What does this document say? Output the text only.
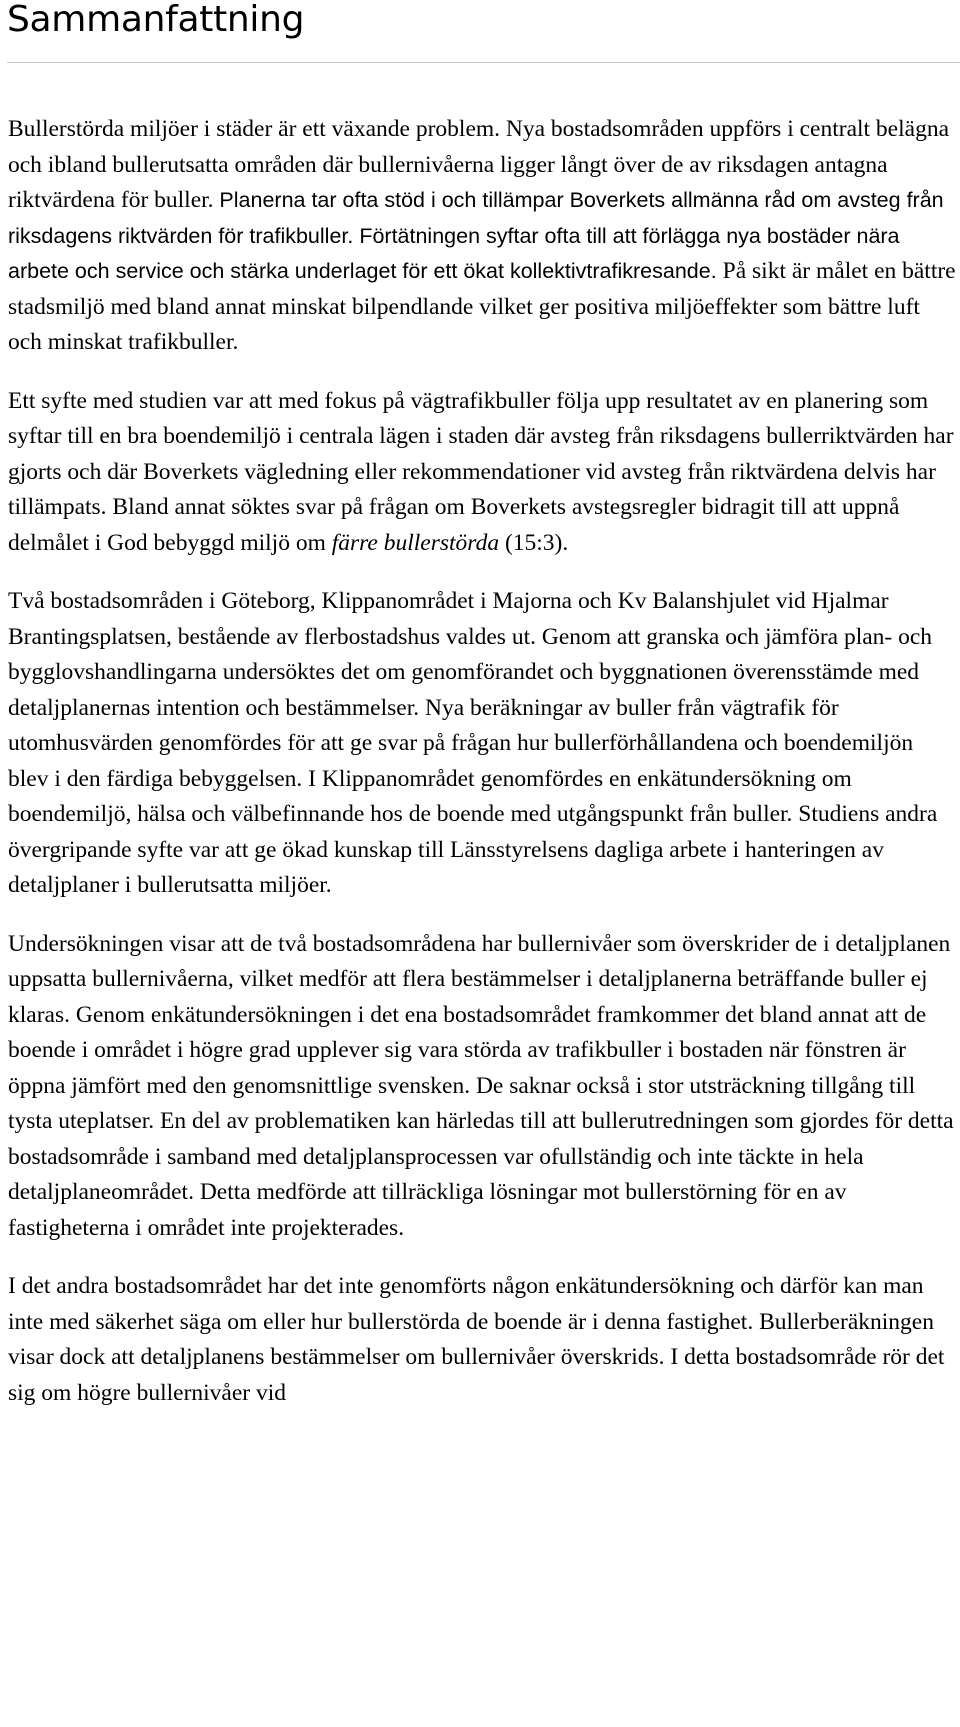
Sammanfattning

Bullerstörda miljöer i städer är ett växande problem. Nya bostadsområden uppförs i centralt belägna och ibland bullerutsatta områden där bullernivåerna ligger långt över de av riksdagen antagna riktvärdena för buller. Planerna tar ofta stöd i och tillämpar Boverkets allmänna råd om avsteg från riksdagens riktvärden för trafikbuller. Förtätningen syftar ofta till att förlägga nya bostäder nära arbete och service och stärka underlaget för ett ökat kollektivtrafikresande. På sikt är målet en bättre stadsmiljö med bland annat minskat bilpendlande vilket ger positiva miljöeffekter som bättre luft och minskat trafikbuller.

Ett syfte med studien var att med fokus på vägtrafikbuller följa upp resultatet av en planering som syftar till en bra boendemiljö i centrala lägen i staden där avsteg från riksdagens bullerriktvärden har gjorts och där Boverkets vägledning eller rekommendationer vid avsteg från riktvärdena delvis har tillämpats. Bland annat söktes svar på frågan om Boverkets avstegsregler bidragit till att uppnå delmålet i God bebyggd miljö om färre bullerstörda (15:3).

Två bostadsområden i Göteborg, Klippanområdet i Majorna och Kv Balanshjulet vid Hjalmar Brantingsplatsen, bestående av flerbostadshus valdes ut. Genom att granska och jämföra plan- och bygglovshandlingarna undersöktes det om genomförandet och byggnationen överensstämde med detaljplanernas intention och bestämmelser. Nya beräkningar av buller från vägtrafik för utomhusvärden genomfördes för att ge svar på frågan hur bullerförhållandena och boendemiljön blev i den färdiga bebyggelsen. I Klippanområdet genomfördes en enkätundersökning om boendemiljö, hälsa och välbefinnande hos de boende med utgångspunkt från buller. Studiens andra övergripande syfte var att ge ökad kunskap till Länsstyrelsens dagliga arbete i hanteringen av detaljplaner i bullerutsatta miljöer.

Undersökningen visar att de två bostadsområdena har bullernivåer som överskrider de i detaljplanen uppsatta bullernivåerna, vilket medför att flera bestämmelser i detaljplanerna beträffande buller ej klaras. Genom enkätundersökningen i det ena bostadsområdet framkommer det bland annat att de boende i området i högre grad upplever sig vara störda av trafikbuller i bostaden när fönstren är öppna jämfört med den genomsnittlige svensken. De saknar också i stor utsträckning tillgång till tysta uteplatser. En del av problematiken kan härledas till att bullerutredningen som gjordes för detta bostadsområde i samband med detaljplansprocessen var ofullständig och inte täckte in hela detaljplaneområdet. Detta medförde att tillräckliga lösningar mot bullerstörning för en av fastigheterna i området inte projekterades.

I det andra bostadsområdet har det inte genomförts någon enkätundersökning och därför kan man inte med säkerhet säga om eller hur bullerstörda de boende är i denna fastighet. Bullerberäkningen visar dock att detaljplanens bestämmelser om bullernivåer överskrids. I detta bostadsområde rör det sig om högre bullernivåer vid
